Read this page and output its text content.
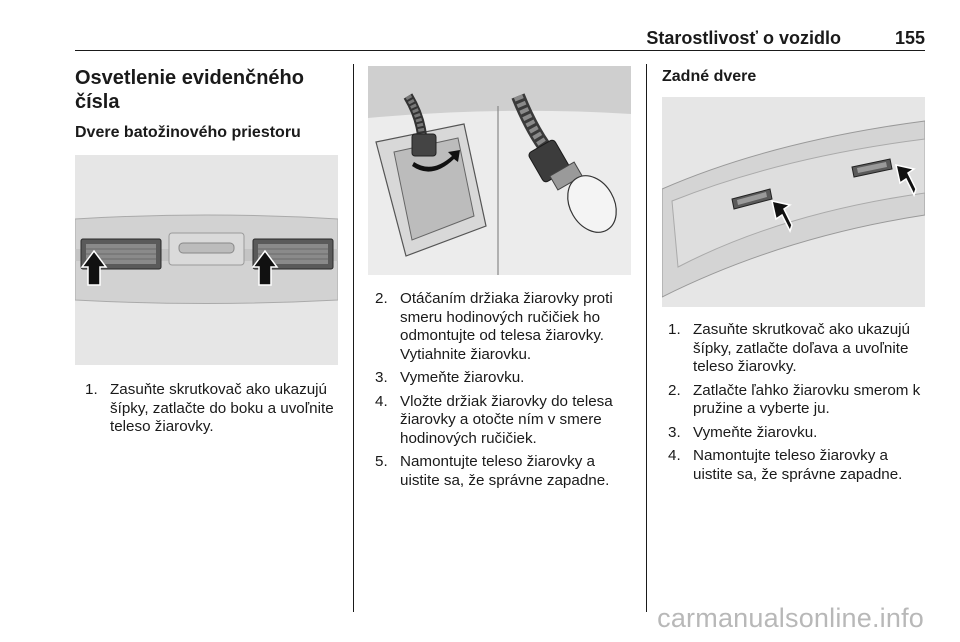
Starostlivosť o vozidlo	155
Osvetlenie evidenčného čísla
Dvere batožinového priestoru
1. Zasuňte skrutkovač ako ukazujú šípky, zatlačte do boku a uvoľnite teleso žiarovky.
2. Otáčaním držiaka žiarovky proti smeru hodinových ručičiek ho odmontujte od telesa žiarovky. Vytiahnite žiarovku.
3. Vymeňte žiarovku.
4. Vložte držiak žiarovky do telesa žiarovky a otočte ním v smere hodinových ručičiek.
5. Namontujte teleso žiarovky a uistite sa, že správne zapadne.
Zadné dvere
1. Zasuňte skrutkovač ako ukazujú šípky, zatlačte doľava a uvoľnite teleso žiarovky.
2. Zatlačte ľahko žiarovku smerom k pružine a vyberte ju.
3. Vymeňte žiarovku.
4. Namontujte teleso žiarovky a uistite sa, že správne zapadne.
carmanualsonline.info
